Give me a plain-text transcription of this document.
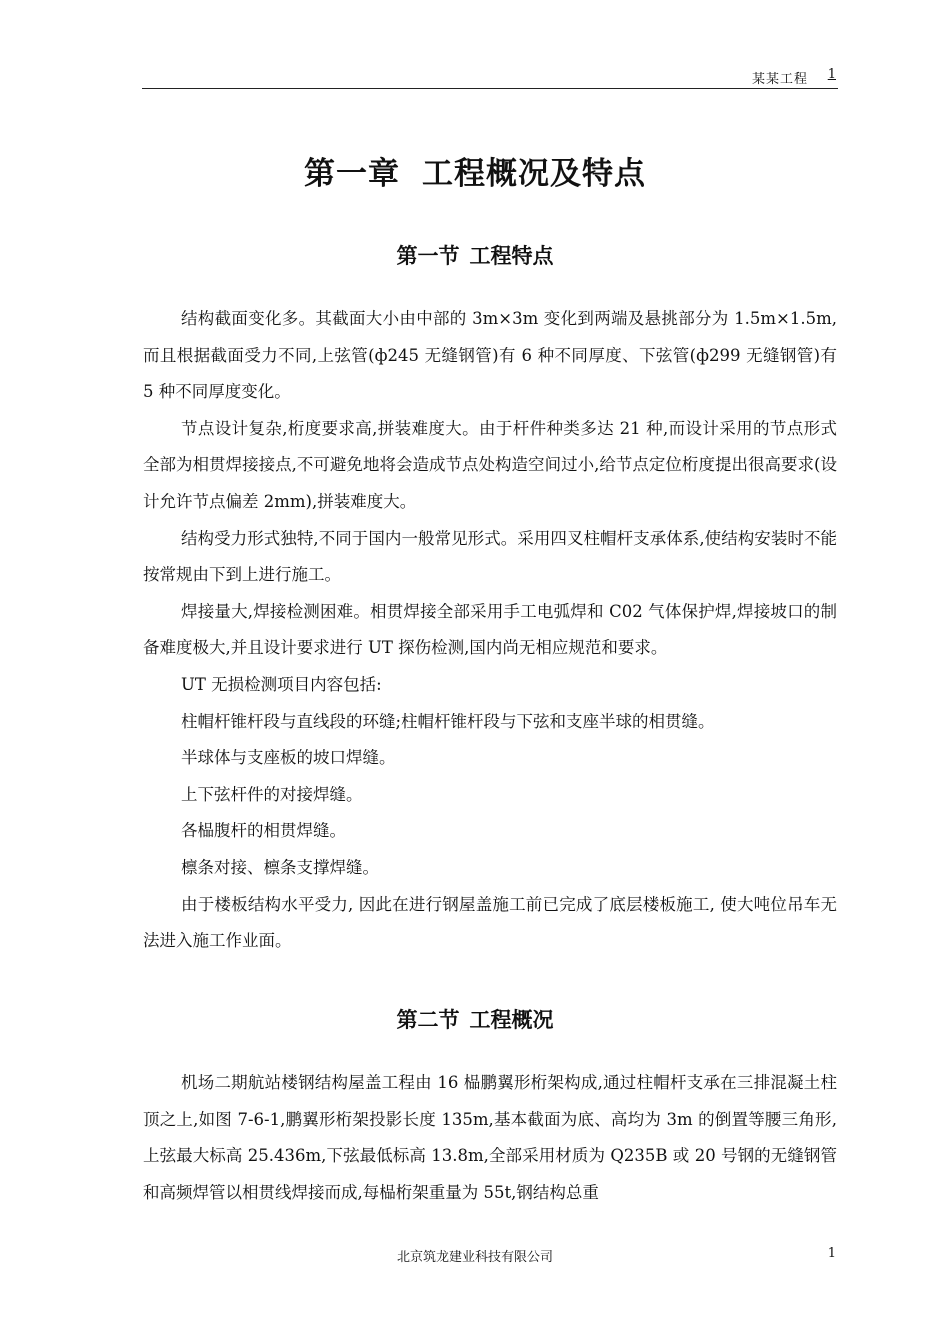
某某工程 1
第一章 工程概况及特点
第一节 工程特点

结构截面变化多。其截面大小由中部的 3m×3m 变化到两端及悬挑部分为 1.5m×1.5m,而且根据截面受力不同,上弦管(ф245 无缝钢管)有 6 种不同厚度、下弦管(ф299 无缝钢管)有 5 种不同厚度变化。

节点设计复杂,桁度要求高,拼装难度大。由于杆件种类多达 21 种,而设计采用的节点形式全部为相贯焊接接点,不可避免地将会造成节点处构造空间过小,给节点定位桁度提出很高要求(设计允许节点偏差 2mm),拼装难度大。

结构受力形式独特,不同于国内一般常见形式。采用四叉柱帽杆支承体系,使结构安装时不能按常规由下到上进行施工。

焊接量大,焊接检测困难。相贯焊接全部采用手工电弧焊和 C02 气体保护焊,焊接坡口的制备难度极大,并且设计要求进行 UT 探伤检测,国内尚无相应规范和要求。

UT 无损检测项目内容包括:

柱帽杆锥杆段与直线段的环缝;柱帽杆锥杆段与下弦和支座半球的相贯缝。

半球体与支座板的坡口焊缝。

上下弦杆件的对接焊缝。

各榀腹杆的相贯焊缝。

檩条对接、檩条支撑焊缝。

由于楼板结构水平受力, 因此在进行钢屋盖施工前已完成了底层楼板施工, 使大吨位吊车无法进入施工作业面。

第二节 工程概况

机场二期航站楼钢结构屋盖工程由 16 榀鹏翼形桁架构成,通过柱帽杆支承在三排混凝土柱顶之上,如图 7-6-1,鹏翼形桁架投影长度 135m,基本截面为底、高均为 3m 的倒置等腰三角形,上弦最大标高 25.436m,下弦最低标高 13.8m,全部采用材质为 Q235B 或 20 号钢的无缝钢管和高频焊管以相贯线焊接而成,每榀桁架重量为 55t,钢结构总重

北京筑龙建业科技有限公司	1
